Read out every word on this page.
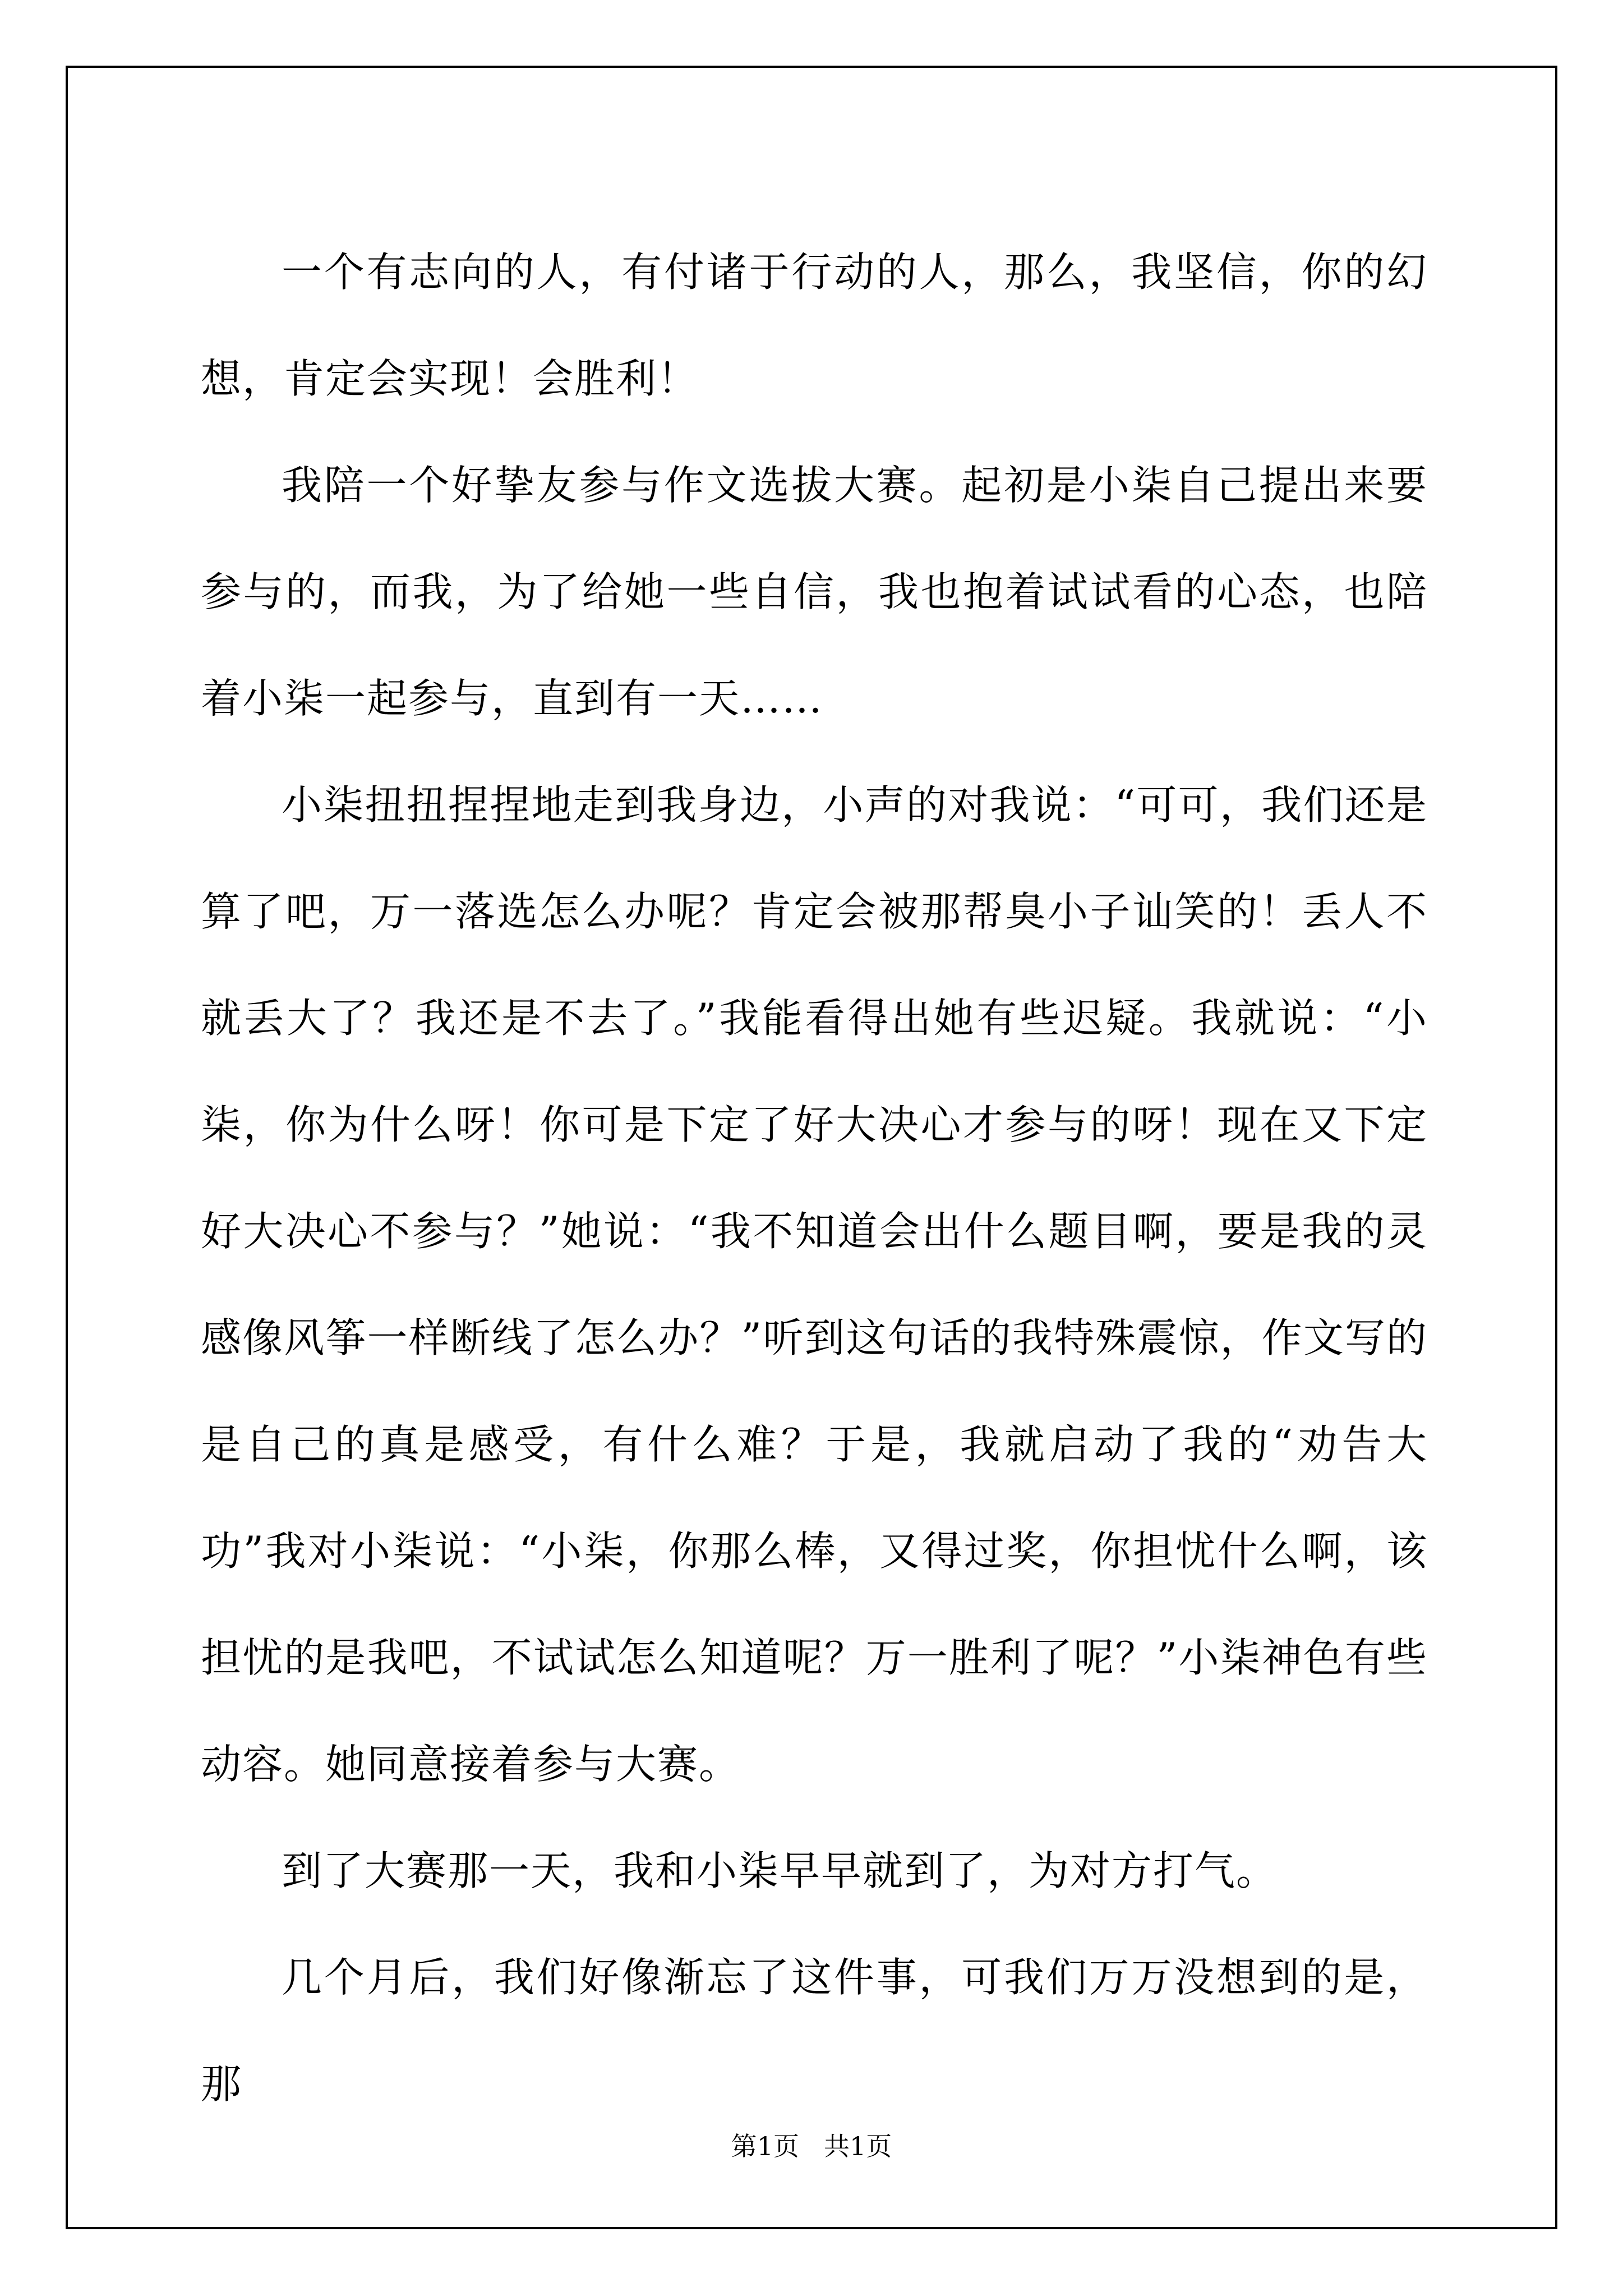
一个有志向的人，有付诸于行动的人，那么，我坚信，你的幻想，肯定会实现！会胜利！

我陪一个好挚友参与作文选拔大赛。起初是小柒自己提出来要参与的，而我，为了给她一些自信，我也抱着试试看的心态，也陪着小柒一起参与，直到有一天……

小柒扭扭捏捏地走到我身边，小声的对我说：“可可，我们还是算了吧，万一落选怎么办呢？肯定会被那帮臭小子讪笑的！丢人不就丢大了？我还是不去了。”我能看得出她有些迟疑。我就说：“小柒，你为什么呀！你可是下定了好大决心才参与的呀！现在又下定好大决心不参与？”她说：“我不知道会出什么题目啊，要是我的灵感像风筝一样断线了怎么办？”听到这句话的我特殊震惊，作文写的是自己的真是感受，有什么难？于是，我就启动了我的“劝告大功”我对小柒说：“小柒，你那么棒，又得过奖，你担忧什么啊，该担忧的是我吧，不试试怎么知道呢？万一胜利了呢？”小柒神色有些动容。她同意接着参与大赛。

到了大赛那一天，我和小柒早早就到了，为对方打气。

几个月后，我们好像渐忘了这件事，可我们万万没想到的是，那

第1页 共1页
